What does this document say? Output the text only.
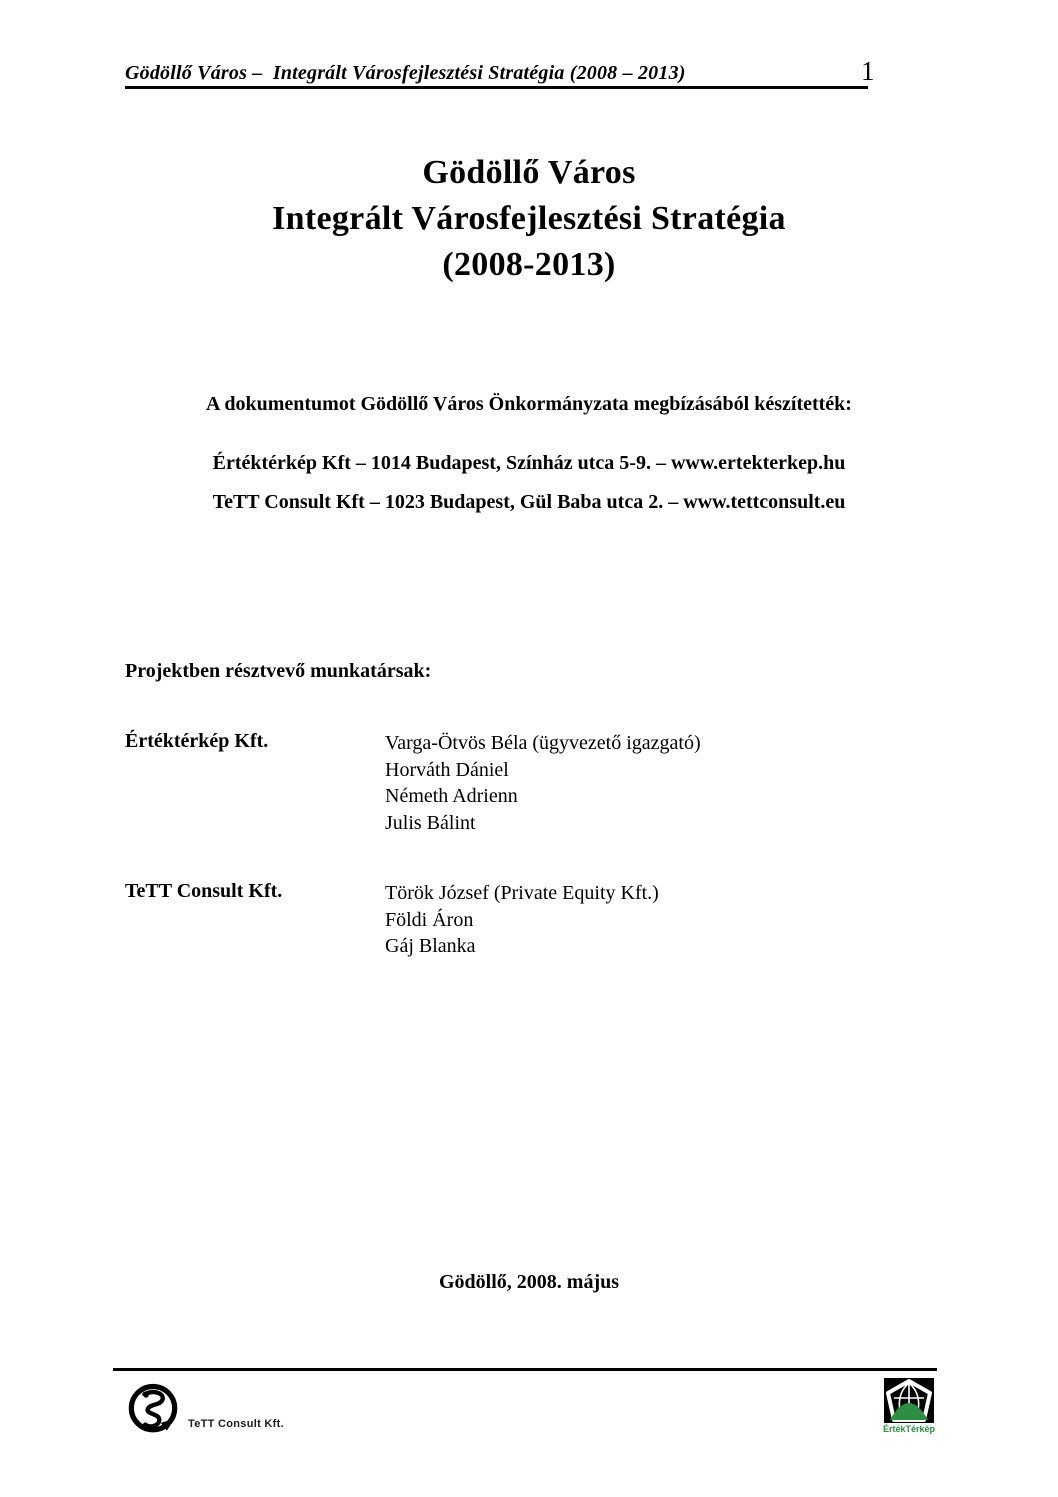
Gödöllő Város –  Integrált Városfejlesztési Stratégia (2008 – 2013)	1
Gödöllő Város
Integrált Városfejlesztési Stratégia
(2008-2013)
A dokumentumot Gödöllő Város Önkormányzata megbízásából készítették:
Értéktérkép Kft – 1014 Budapest, Színház utca 5-9. – www.ertekterkep.hu
TeTT Consult Kft – 1023 Budapest, Gül Baba utca 2. – www.tettconsult.eu
Projektben résztvevő munkatársak:
Értéktérkép Kft.	Varga-Ötvös Béla (ügyvezető igazgató)
Horváth Dániel
Németh Adrienn
Julis Bálint
TeTT Consult Kft.	Török József (Private Equity Kft.)
Földi Áron
Gáj Blanka
Gödöllő, 2008. május
TeTT Consult Kft.	ÉrtékTérkép
